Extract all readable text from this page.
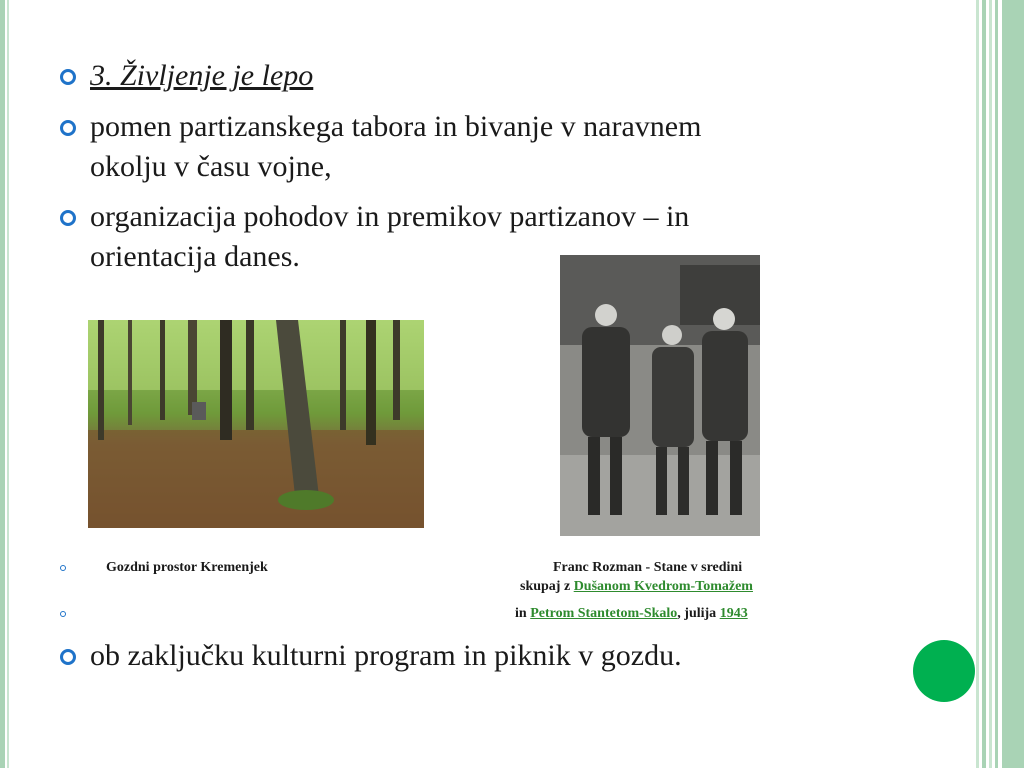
3. Življenje je lepo
pomen partizanskega tabora in bivanje v naravnem
okolju v času vojne,
organizacija pohodov in premikov partizanov – in
orientacija danes.
Gozdni prostor Kremenjek	Franc Rozman - Stane v sredini
skupaj z Dušanom Kvedrom-Tomažem
in Petrom Stantetom-Skalo, julija 1943
ob zaključku kulturni program in piknik v gozdu.
